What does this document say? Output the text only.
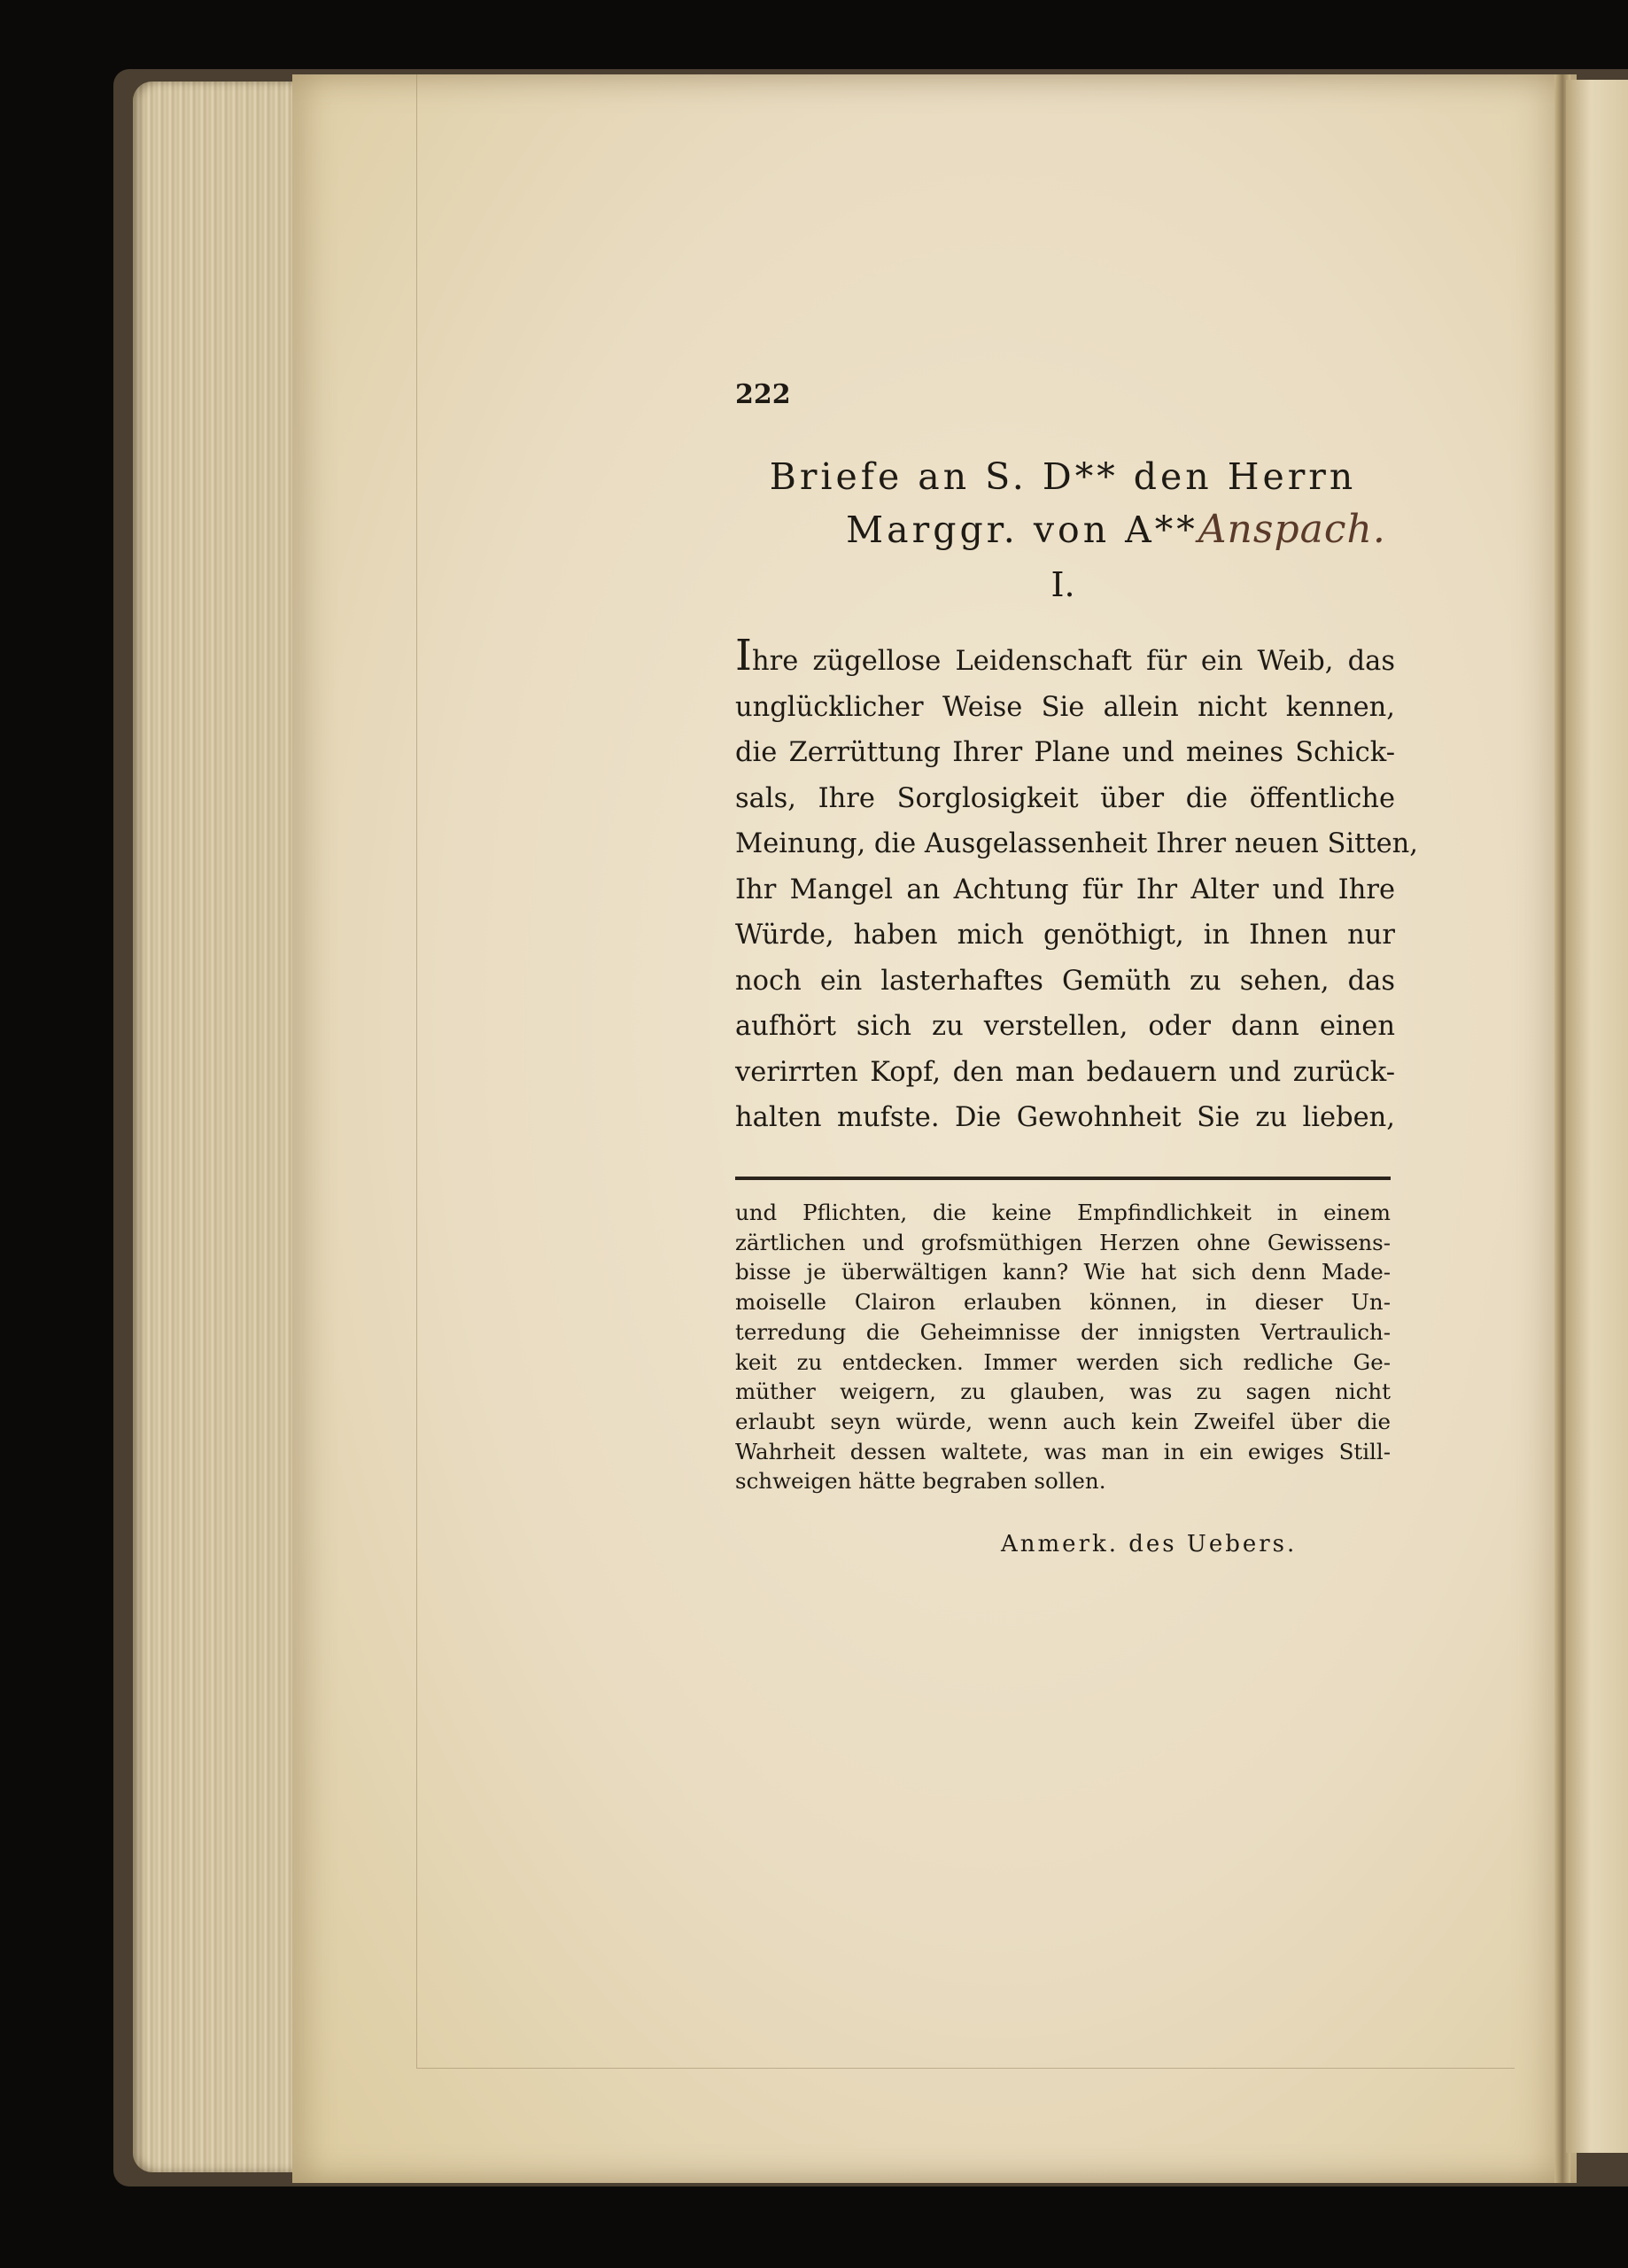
222
Briefe an S. D** den Herrn
Marggr. von A**Anspach.
I.
Ihre zügellose Leidenschaft für ein Weib, das
unglücklicher Weise Sie allein nicht kennen,
die Zerrüttung Ihrer Plane und meines Schick-
sals, Ihre Sorglosigkeit über die öffentliche
Meinung, die Ausgelassenheit Ihrer neuen Sitten,
Ihr Mangel an Achtung für Ihr Alter und Ihre
Würde, haben mich genöthigt, in Ihnen nur
noch ein lasterhaftes Gemüth zu sehen, das
aufhört sich zu verstellen, oder dann einen
verirrten Kopf, den man bedauern und zurück-
halten mufste. Die Gewohnheit Sie zu lieben,
und Pflichten, die keine Empfindlichkeit in einem
zärtlichen und grofsmüthigen Herzen ohne Gewissens-
bisse je überwältigen kann? Wie hat sich denn Made-
moiselle Clairon erlauben können, in dieser Un-
terredung die Geheimnisse der innigsten Vertraulich-
keit zu entdecken. Immer werden sich redliche Ge-
müther weigern, zu glauben, was zu sagen nicht
erlaubt seyn würde, wenn auch kein Zweifel über die
Wahrheit dessen waltete, was man in ein ewiges Still-
schweigen hätte begraben sollen.
Anmerk. des Uebers.
